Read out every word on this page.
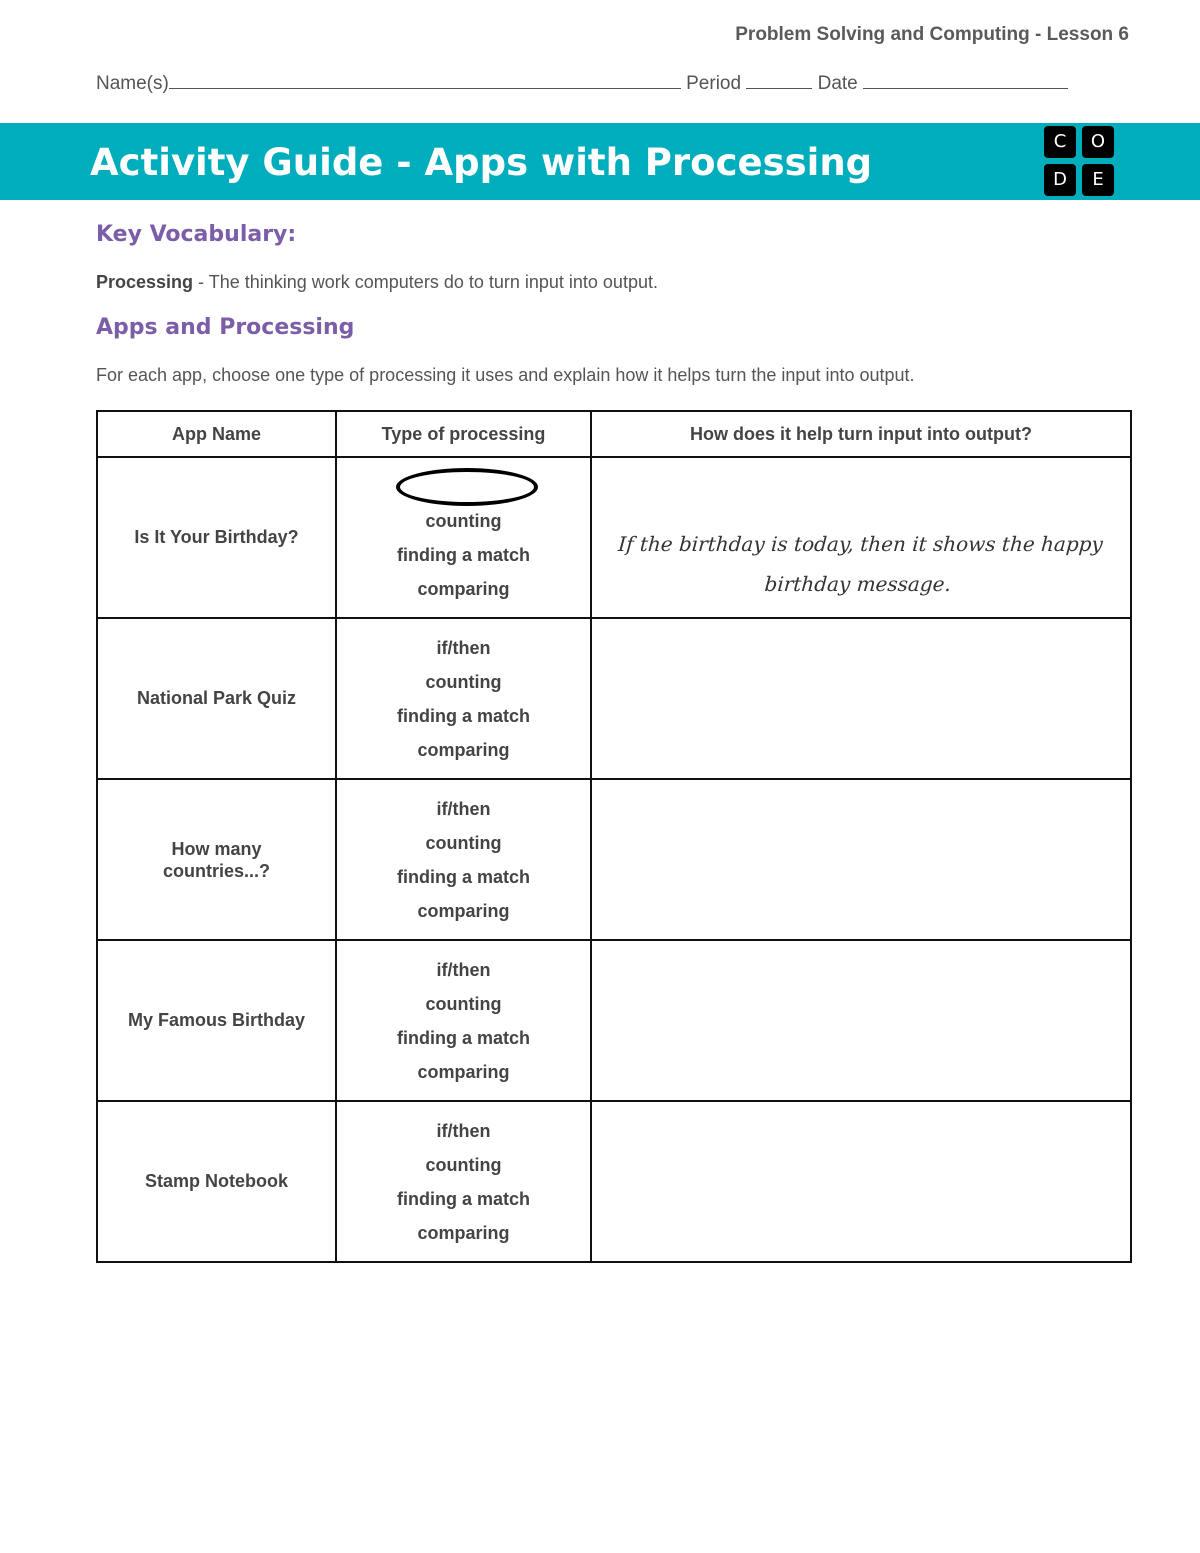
Problem Solving and Computing - Lesson 6
Name(s)	Period	Date
Activity Guide - Apps with Processing	C	O
D	E
Key Vocabulary:
Processing - The thinking work computers do to turn input into output.
Apps and Processing
For each app, choose one type of processing it uses and explain how it helps turn the input into output.
App Name	Type of processing	How does it help turn input into output?
Is It Your Birthday?	counting
finding a match
comparing	If the birthday is today, then it shows the happy birthday message.

National Park Quiz	if/then
counting
finding a match
comparing	

How many countries...?	if/then
counting
finding a match
comparing	

My Famous Birthday	if/then
counting
finding a match
comparing	

Stamp Notebook	if/then
counting
finding a match
comparing	
